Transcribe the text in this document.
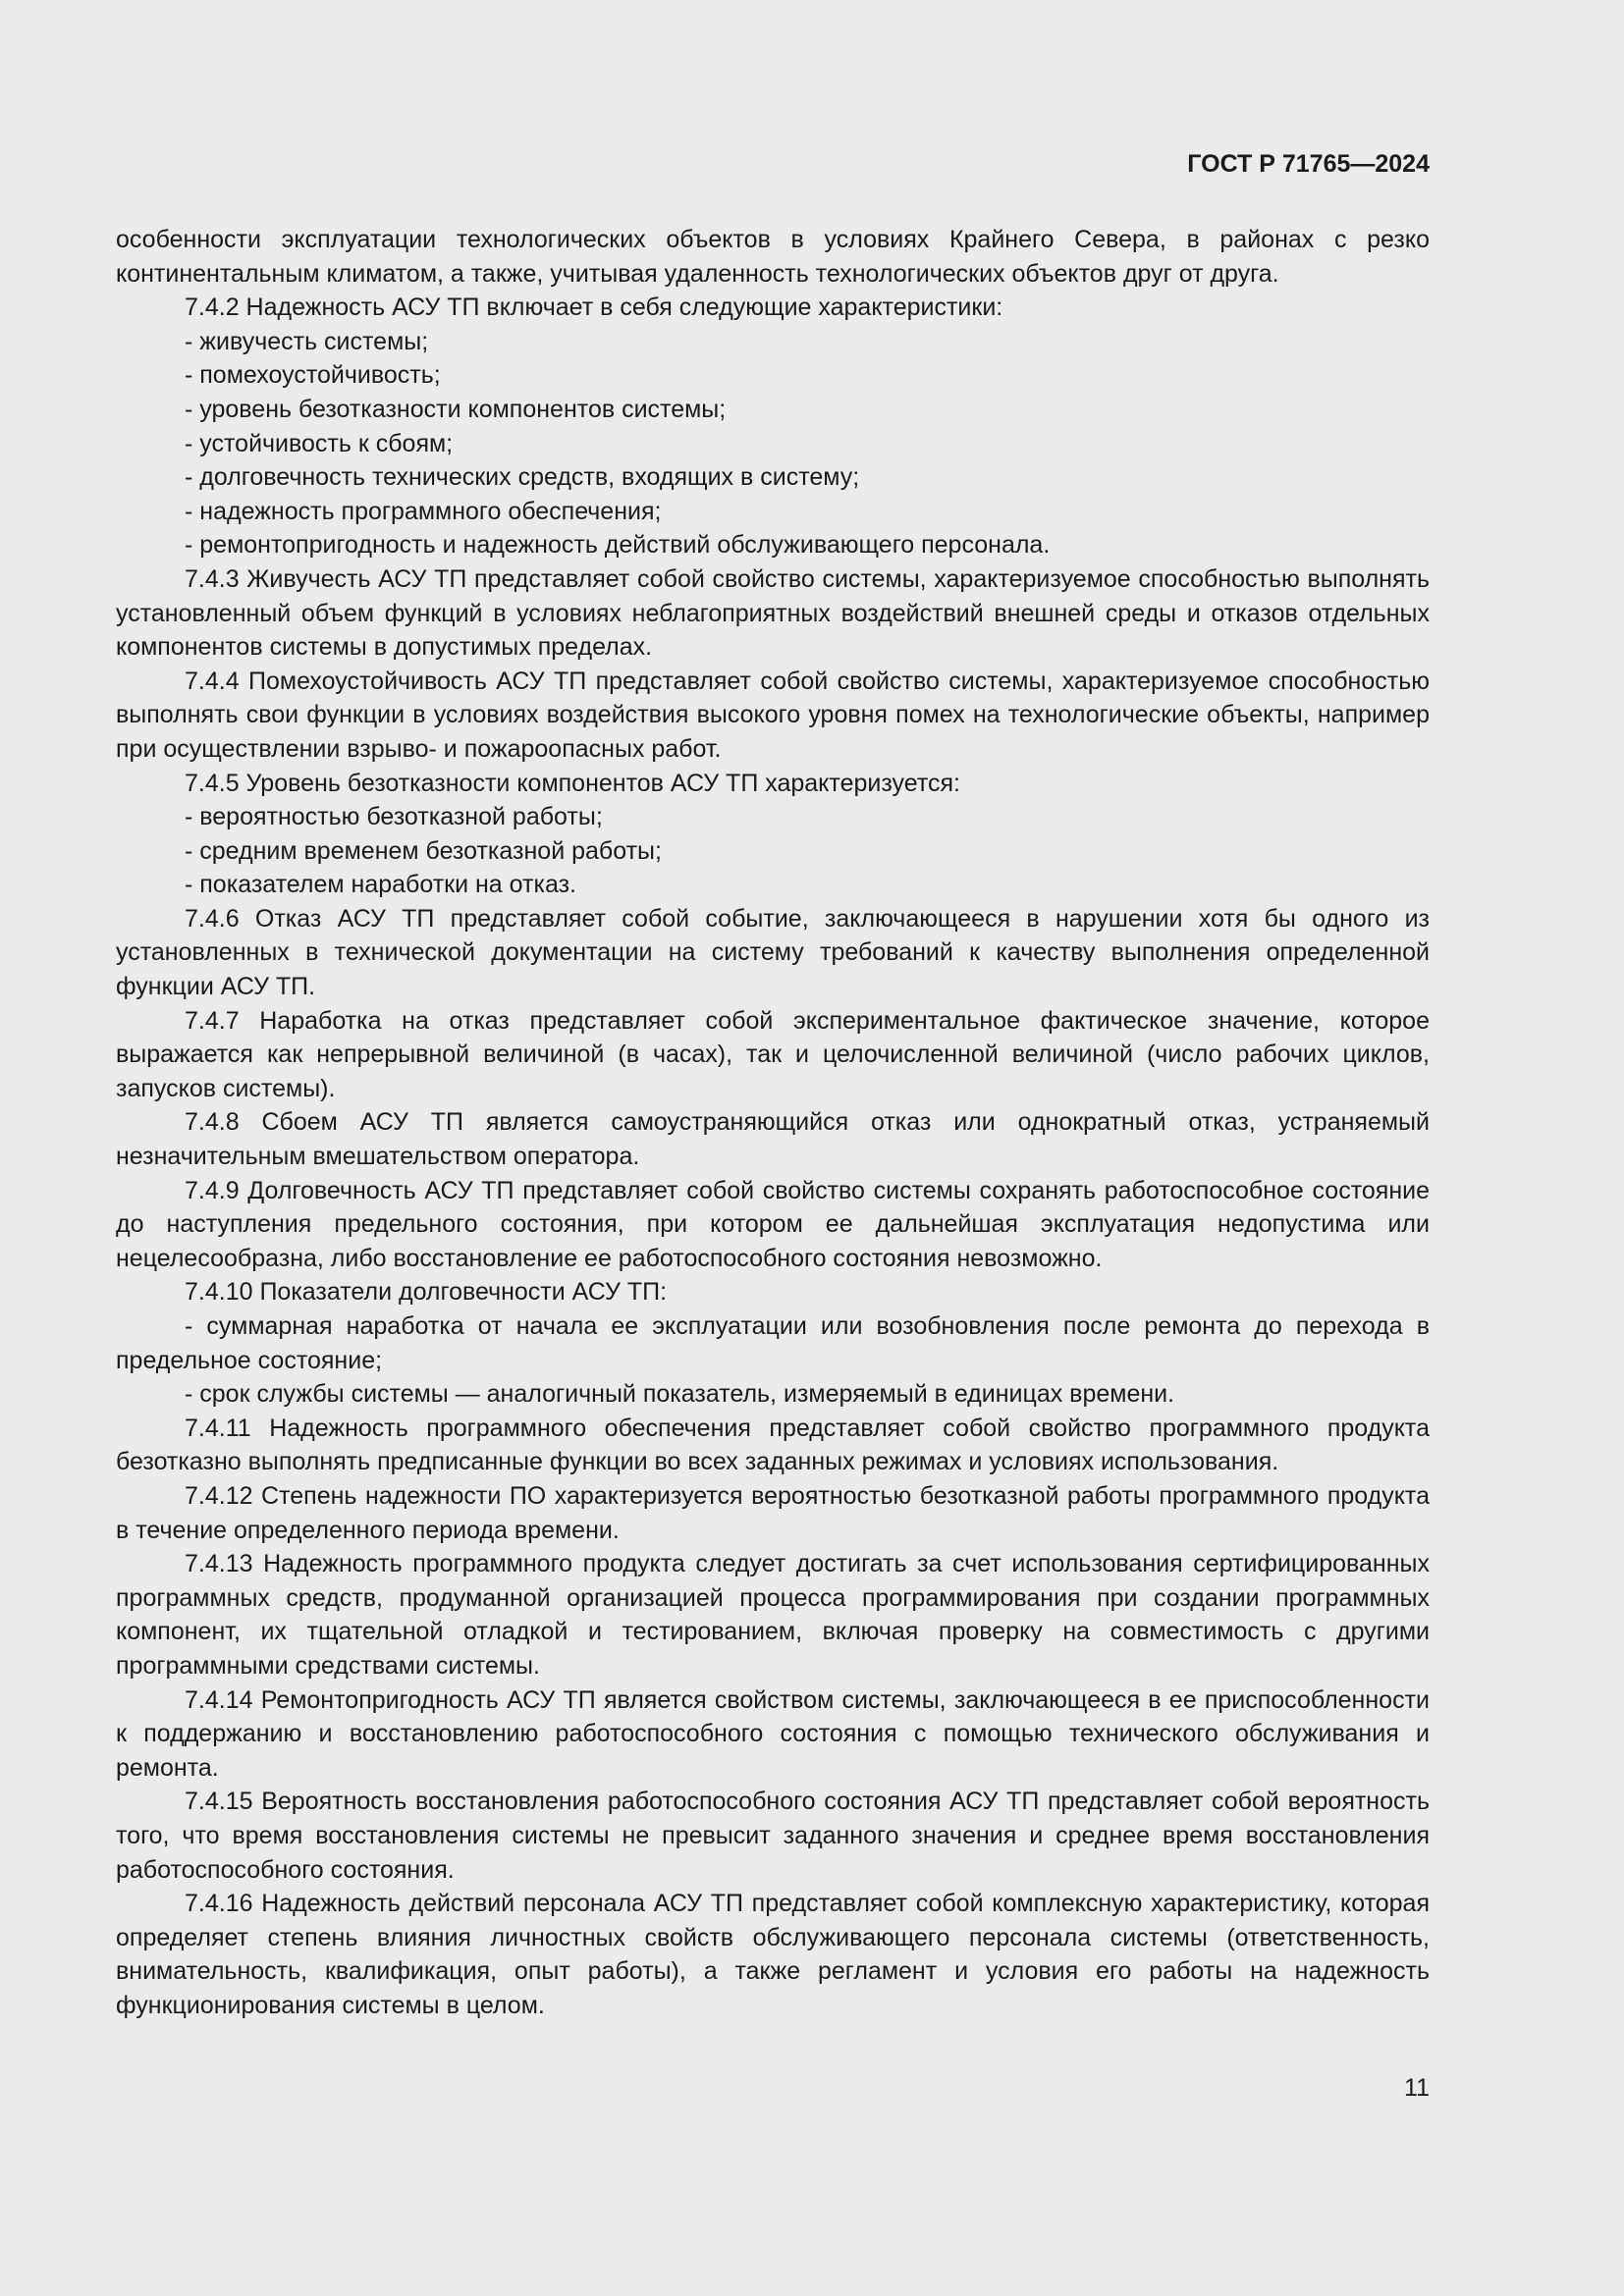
ГОСТ Р 71765—2024

особенности эксплуатации технологических объектов в условиях Крайнего Севера, в районах с резко континентальным климатом, а также, учитывая удаленность технологических объектов друг от друга.

7.4.2 Надежность АСУ ТП включает в себя следующие характеристики:

- живучесть системы;

- помехоустойчивость;

- уровень безотказности компонентов системы;

- устойчивость к сбоям;

- долговечность технических средств, входящих в систему;

- надежность программного обеспечения;

- ремонтопригодность и надежность действий обслуживающего персонала.

7.4.3 Живучесть АСУ ТП представляет собой свойство системы, характеризуемое способностью выполнять установленный объем функций в условиях неблагоприятных воздействий внешней среды и отказов отдельных компонентов системы в допустимых пределах.

7.4.4 Помехоустойчивость АСУ ТП представляет собой свойство системы, характеризуемое способностью выполнять свои функции в условиях воздействия высокого уровня помех на технологические объекты, например при осуществлении взрыво- и пожароопасных работ.

7.4.5 Уровень безотказности компонентов АСУ ТП характеризуется:

- вероятностью безотказной работы;

- средним временем безотказной работы;

- показателем наработки на отказ.

7.4.6 Отказ АСУ ТП представляет собой событие, заключающееся в нарушении хотя бы одного из установленных в технической документации на систему требований к качеству выполнения определенной функции АСУ ТП.

7.4.7 Наработка на отказ представляет собой экспериментальное фактическое значение, которое выражается как непрерывной величиной (в часах), так и целочисленной величиной (число рабочих циклов, запусков системы).

7.4.8 Сбоем АСУ ТП является самоустраняющийся отказ или однократный отказ, устраняемый незначительным вмешательством оператора.

7.4.9 Долговечность АСУ ТП представляет собой свойство системы сохранять работоспособное состояние до наступления предельного состояния, при котором ее дальнейшая эксплуатация недопустима или нецелесообразна, либо восстановление ее работоспособного состояния невозможно.

7.4.10 Показатели долговечности АСУ ТП:

- суммарная наработка от начала ее эксплуатации или возобновления после ремонта до перехода в предельное состояние;

- срок службы системы — аналогичный показатель, измеряемый в единицах времени.

7.4.11 Надежность программного обеспечения представляет собой свойство программного продукта безотказно выполнять предписанные функции во всех заданных режимах и условиях использования.

7.4.12 Степень надежности ПО характеризуется вероятностью безотказной работы программного продукта в течение определенного периода времени.

7.4.13 Надежность программного продукта следует достигать за счет использования сертифицированных программных средств, продуманной организацией процесса программирования при создании программных компонент, их тщательной отладкой и тестированием, включая проверку на совместимость с другими программными средствами системы.

7.4.14 Ремонтопригодность АСУ ТП является свойством системы, заключающееся в ее приспособленности к поддержанию и восстановлению работоспособного состояния с помощью технического обслуживания и ремонта.

7.4.15 Вероятность восстановления работоспособного состояния АСУ ТП представляет собой вероятность того, что время восстановления системы не превысит заданного значения и среднее время восстановления работоспособного состояния.

7.4.16 Надежность действий персонала АСУ ТП представляет собой комплексную характеристику, которая определяет степень влияния личностных свойств обслуживающего персонала системы (ответственность, внимательность, квалификация, опыт работы), а также регламент и условия его работы на надежность функционирования системы в целом.

11
